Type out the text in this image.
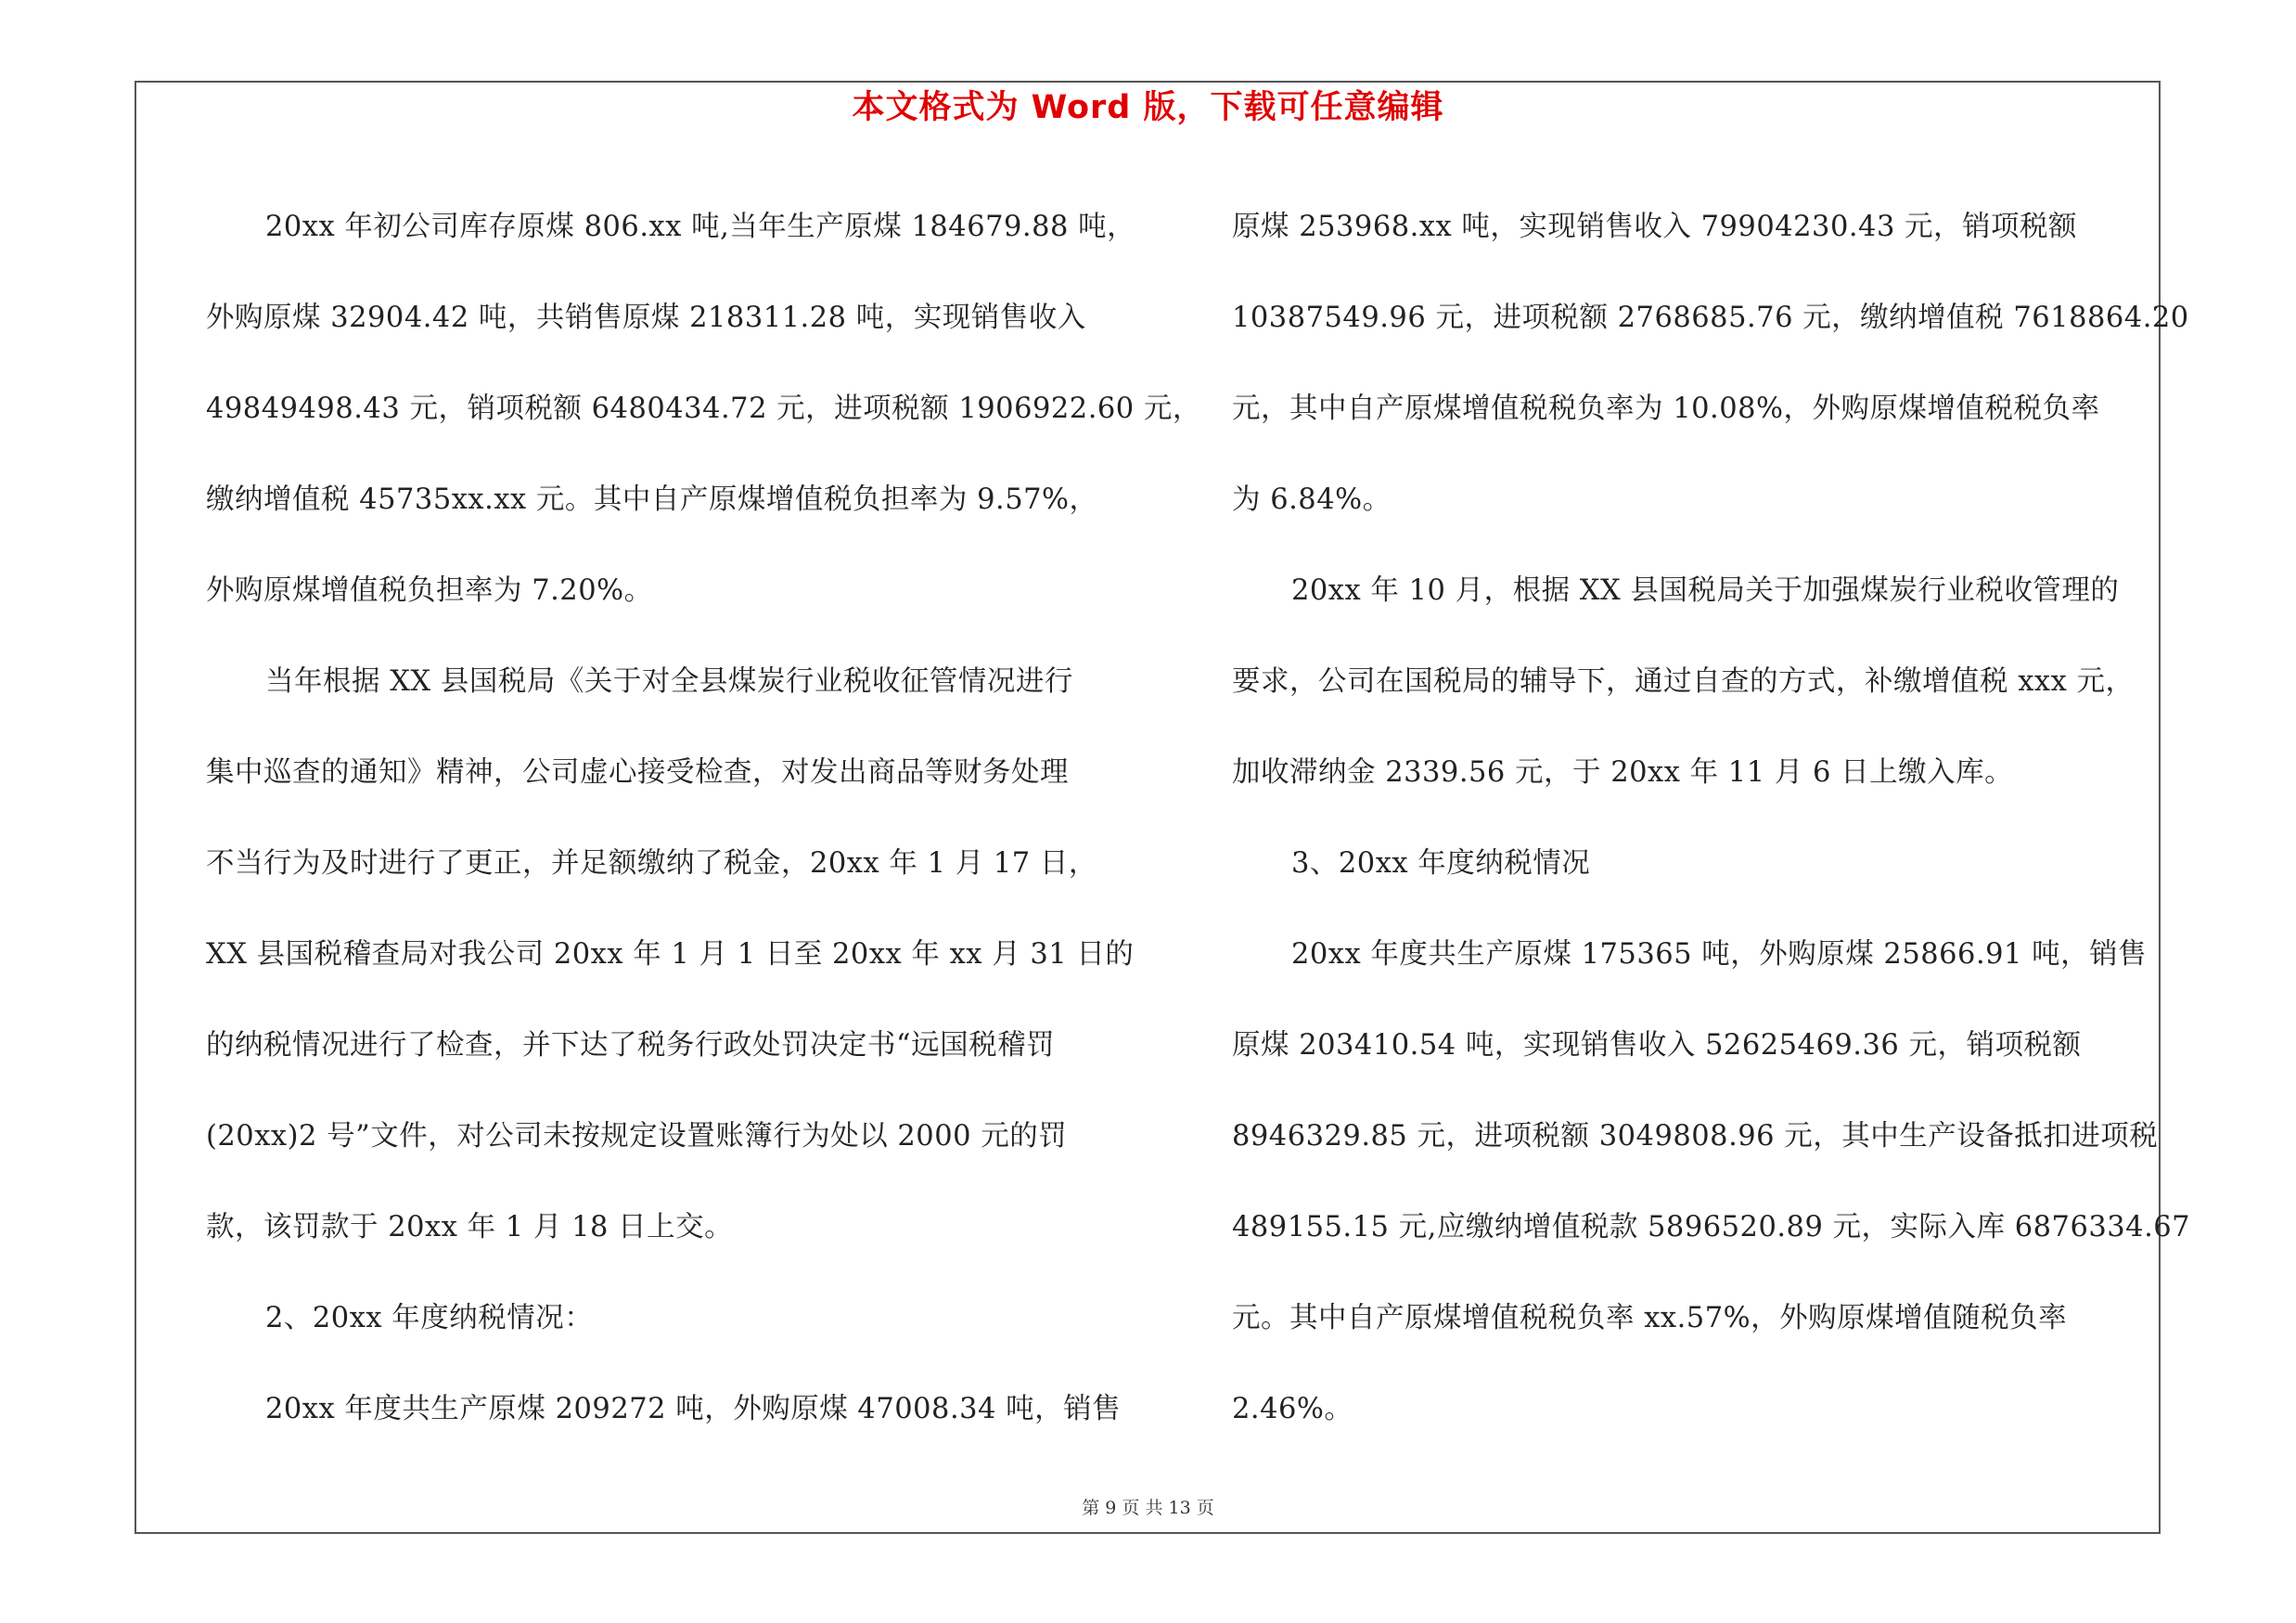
本文格式为 Word 版，下载可任意编辑
20xx 年初公司库存原煤 806.xx 吨,当年生产原煤 184679.88 吨，
外购原煤 32904.42 吨，共销售原煤 218311.28 吨，实现销售收入
49849498.43 元，销项税额 6480434.72 元，进项税额 1906922.60 元，
缴纳增值税 45735xx.xx 元。其中自产原煤增值税负担率为 9.57%，
外购原煤增值税负担率为 7.20%。
当年根据 XX 县国税局《关于对全县煤炭行业税收征管情况进行
集中巡查的通知》精神，公司虚心接受检查，对发出商品等财务处理
不当行为及时进行了更正，并足额缴纳了税金，20xx 年 1 月 17 日，
XX 县国税稽查局对我公司 20xx 年 1 月 1 日至 20xx 年 xx 月 31 日的
的纳税情况进行了检查，并下达了税务行政处罚决定书“远国税稽罚
(20xx)2 号”文件，对公司未按规定设置账簿行为处以 2000 元的罚
款，该罚款于 20xx 年 1 月 18 日上交。
2、20xx 年度纳税情况：
20xx 年度共生产原煤 209272 吨，外购原煤 47008.34 吨，销售
原煤 253968.xx 吨，实现销售收入 79904230.43 元，销项税额
10387549.96 元，进项税额 2768685.76 元，缴纳增值税 7618864.20
元，其中自产原煤增值税税负率为 10.08%，外购原煤增值税税负率
为 6.84%。
20xx 年 10 月，根据 XX 县国税局关于加强煤炭行业税收管理的
要求，公司在国税局的辅导下，通过自查的方式，补缴增值税 xxx 元，
加收滞纳金 2339.56 元，于 20xx 年 11 月 6 日上缴入库。
3、20xx 年度纳税情况
20xx 年度共生产原煤 175365 吨，外购原煤 25866.91 吨，销售
原煤 203410.54 吨，实现销售收入 52625469.36 元，销项税额
8946329.85 元，进项税额 3049808.96 元，其中生产设备抵扣进项税
489155.15 元,应缴纳增值税款 5896520.89 元，实际入库 6876334.67
元。其中自产原煤增值税税负率 xx.57%，外购原煤增值随税负率
2.46%。
第 9 页 共 13 页
